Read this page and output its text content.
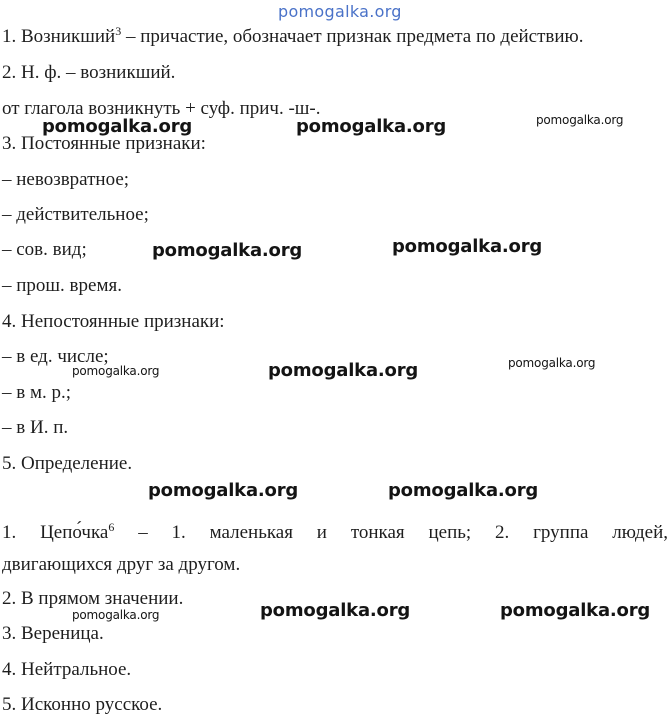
pomogalka.org
1. Возникший$^3$ – причастие, обозначает признак предмета по действию.
2. Н. ф. – возникший.
от глагола возникнуть + суф. прич. -ш-.
3. Постоянные признаки:
– невозвратное;
– действительное;
– сов. вид;
– прош. время.
4. Непостоянные признаки:
– в ед. числе;
– в м. р.;
– в И. п.
5. Определение.
1. Цепо́чка$^6$ – 1. маленькая и тонкая цепь; 2. группа людей,
двигающихся друг за другом.
2. В прямом значении.
3. Вереница.
4. Нейтральное.
5. Исконно русское.
pomogalka.org	pomogalka.org	pomogalka.org
pomogalka.org	pomogalka.org
pomogalka.org	pomogalka.org	pomogalka.org
pomogalka.org	pomogalka.org
pomogalka.org	pomogalka.org	pomogalka.org
